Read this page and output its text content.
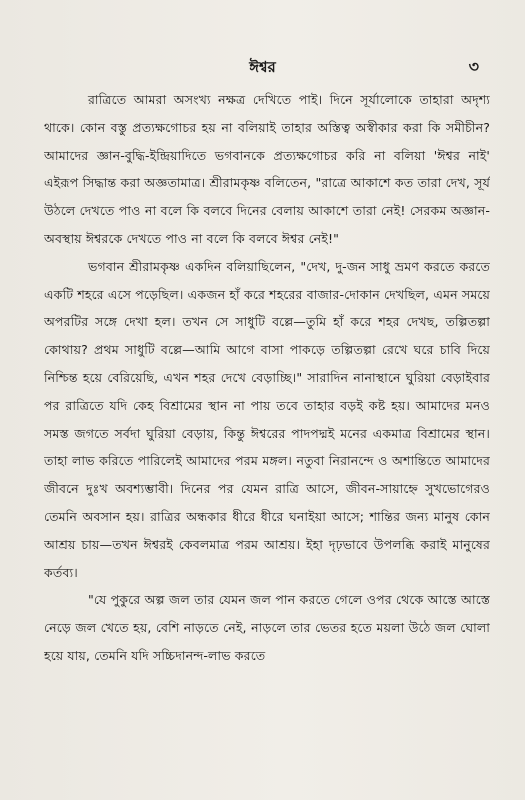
ঈশ্বর	৩

রাত্রিতে আমরা অসংখ্য নক্ষত্র দেখিতে পাই। দিনে সূর্যালোকে তাহারা অদৃশ্য থাকে। কোন বস্তু প্রত্যক্ষগোচর হয় না বলিয়াই তাহার অস্তিত্ব অস্বীকার করা কি সমীচীন? আমাদের জ্ঞান-বুদ্ধি-ইন্দ্রিয়াদিতে ভগবানকে প্রত্যক্ষগোচর করি না বলিয়া 'ঈশ্বর নাই' এইরূপ সিদ্ধান্ত করা অজ্ঞতামাত্র। শ্রীরামকৃষ্ণ বলিতেন, "রাত্রে আকাশে কত তারা দেখ, সূর্য উঠলে দেখতে পাও না বলে কি বলবে দিনের বেলায় আকাশে তারা নেই! সেরকম অজ্ঞান-অবস্থায় ঈশ্বরকে দেখতে পাও না বলে কি বলবে ঈশ্বর নেই!"

ভগবান শ্রীরামকৃষ্ণ একদিন বলিয়াছিলেন, "দেখ, দু-জন সাধু ভ্রমণ করতে করতে একটি শহরে এসে পড়েছিল। একজন হাঁ করে শহরের বাজার-দোকান দেখছিল, এমন সময়ে অপরটির সঙ্গে দেখা হল। তখন সে সাধুটি বল্লে—তুমি হাঁ করে শহর দেখছ, তল্পিতল্পা কোথায়? প্রথম সাধুটি বল্লে—আমি আগে বাসা পাকড়ে তল্পিতল্পা রেখে ঘরে চাবি দিয়ে নিশ্চিন্ত হয়ে বেরিয়েছি, এখন শহর দেখে বেড়াচ্ছি।" সারাদিন নানাস্থানে ঘুরিয়া বেড়াইবার পর রাত্রিতে যদি কেহ বিশ্রামের স্থান না পায় তবে তাহার বড়ই কষ্ট হয়। আমাদের মনও সমস্ত জগতে সর্বদা ঘুরিয়া বেড়ায়, কিন্তু ঈশ্বরের পাদপদ্মই মনের একমাত্র বিশ্রামের স্থান। তাহা লাভ করিতে পারিলেই আমাদের পরম মঙ্গল। নতুবা নিরানন্দে ও অশান্তিতে আমাদের জীবনে দুঃখ অবশ্যম্ভাবী। দিনের পর যেমন রাত্রি আসে, জীবন-সায়াহ্নে সুখভোগেরও তেমনি অবসান হয়। রাত্রির অন্ধকার ধীরে ধীরে ঘনাইয়া আসে; শান্তির জন্য মানুষ কোন আশ্রয় চায়—তখন ঈশ্বরই কেবলমাত্র পরম আশ্রয়। ইহা দৃঢ়ভাবে উপলব্ধি করাই মানুষের কর্তব্য।

"যে পুকুরে অল্প জল তার যেমন জল পান করতে গেলে ওপর থেকে আস্তে আস্তে নেড়ে জল খেতে হয়, বেশি নাড়তে নেই, নাড়লে তার ভেতর হতে ময়লা উঠে জল ঘোলা হয়ে যায়, তেমনি যদি সচ্চিদানন্দ-লাভ করতে
